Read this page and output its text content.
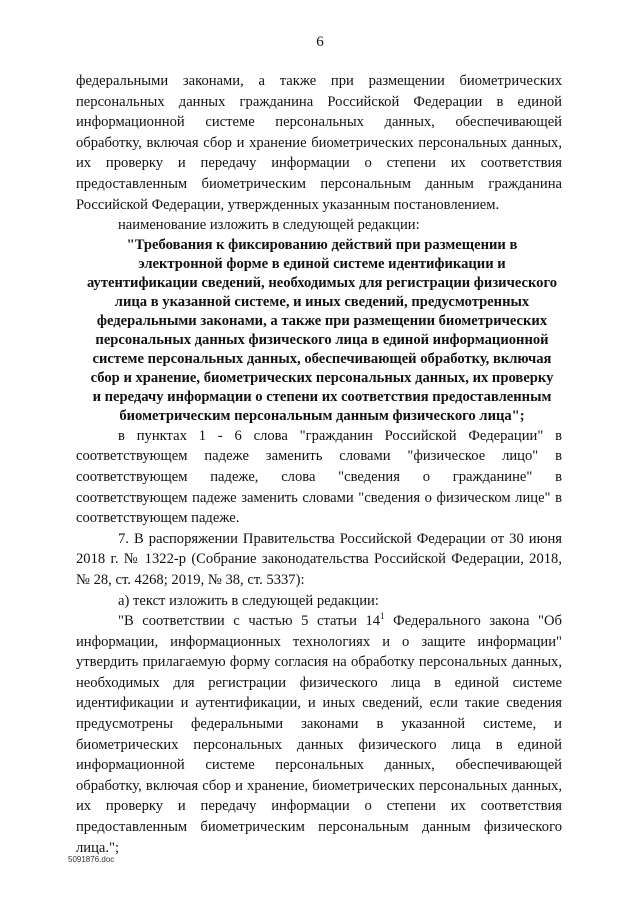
6

федеральными законами, а также при размещении биометрических персональных данных гражданина Российской Федерации в единой информационной системе персональных данных, обеспечивающей обработку, включая сбор и хранение биометрических персональных данных, их проверку и передачу информации о степени их соответствия предоставленным биометрическим персональным данным гражданина Российской Федерации, утвержденных указанным постановлением.

наименование изложить в следующей редакции:

"Требования к фиксированию действий при размещении в электронной форме в единой системе идентификации и аутентификации сведений, необходимых для регистрации физического лица в указанной системе, и иных сведений, предусмотренных федеральными законами, а также при размещении биометрических персональных данных физического лица в единой информационной системе персональных данных, обеспечивающей обработку, включая сбор и хранение, биометрических персональных данных, их проверку и передачу информации о степени их соответствия предоставленным биометрическим персональным данным физического лица";

в пунктах 1 - 6 слова "гражданин Российской Федерации" в соответствующем падеже заменить словами "физическое лицо" в соответствующем падеже, слова "сведения о гражданине" в соответствующем падеже заменить словами "сведения о физическом лице" в соответствующем падеже.

7. В распоряжении Правительства Российской Федерации от 30 июня 2018 г. № 1322-р (Собрание законодательства Российской Федерации, 2018, № 28, ст. 4268; 2019, № 38, ст. 5337):

а) текст изложить в следующей редакции:

"В соответствии с частью 5 статьи $14^1$ Федерального закона "Об информации, информационных технологиях и о защите информации" утвердить прилагаемую форму согласия на обработку персональных данных, необходимых для регистрации физического лица в единой системе идентификации и аутентификации, и иных сведений, если такие сведения предусмотрены федеральными законами в указанной системе, и биометрических персональных данных физического лица в единой информационной системе персональных данных, обеспечивающей обработку, включая сбор и хранение, биометрических персональных данных, их проверку и передачу информации о степени их соответствия предоставленным биометрическим персональным данным физического лица.";

5091876.doc
